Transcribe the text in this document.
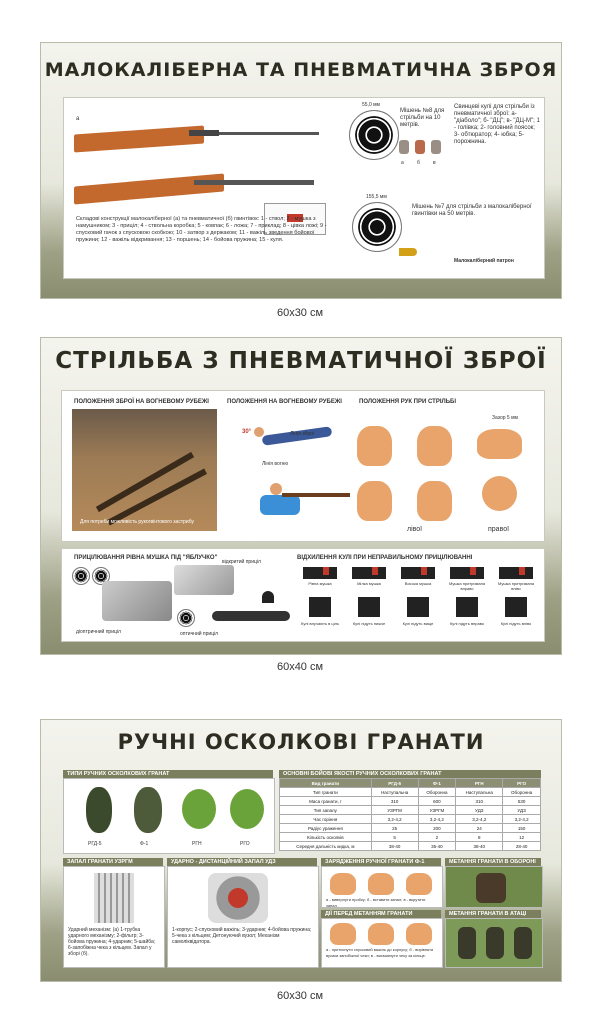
МАЛОКАЛІБЕРНА ТА ПНЕВМАТИЧНА ЗБРОЯ
а
55,0 мм
Мішень №8 для стрільби на 10 метрів.
а	б	в
Свинцеві кулі для стрільби із пневматичної зброї: а- "діаболо"; б- "ДЦ"; в- "ДЦ-М"; 1 - голівка; 2- головний поясок; 3- обтюратор; 4- юбка; 5- порожнина.
155,5 мм
Мішень №7 для стрільби з малокаліберної гвинтівки на 50 метрів.
Малокаліберний патрон
Складові конструкції малокаліберної (а) та пневматичної (б) гвинтівок: 1 - ствол; 2 - мушка з намушником; 3 - приціл; 4 - ствольна коробка; 5 - ковпак; 6 - ложа; 7 - приклад; 8 - цівка ложі; 9 - спусковий гачок з спусковою скобкою; 10 - затвор з держаком; 11 - важіль зведення бойової пружини; 12 - важіль відкривання; 13 - поршень; 14 - бойова пружина; 15 - куля.
60x30 см
СТРІЛЬБА З ПНЕВМАТИЧНОЇ ЗБРОЇ
ПОЛОЖЕННЯ ЗБРОЇ НА ВОГНЕВОМУ РУБЕЖІ	ПОЛОЖЕННЯ НА ВОГНЕВОМУ РУБЕЖІ	ПОЛОЖЕННЯ РУК ПРИ СТРІЛЬБІ
Для потреби можливість рукогвінтового застрибу
30°	Лінія зброї
Лінія вогню
Зазор 5 мм
лівої	правої
ПРИЦІЛЮВАННЯ РІВНА МУШКА ПІД "ЯБЛУЧКО"	ВІДХИЛЕННЯ КУЛІ ПРИ НЕПРАВИЛЬНОМУ ПРИЦІЛЮВАННІ
діоптричний приціл
відкритий приціл
оптичний приціл
Рівна мушка
Кулі влучають в ціль
Мілка мушка
Кулі підуть нижче
Висока мушка
Кулі підуть вище
Мушка притримана вправо
Кулі підуть вправо
Мушка притримана вліво
Кулі підуть вліво
60x40 см
РУЧНІ ОСКОЛКОВІ ГРАНАТИ
ТИПИ РУЧНИХ ОСКОЛКОВИХ ГРАНАТ
РГД-5	Ф-1	РГН	РГО
ОСНОВНІ БОЙОВІ ЯКОСТІ РУЧНИХ ОСКОЛКОВИХ ГРАНАТ
Вид гранати	РГД-5	Ф-1	РГН	РГО
Тип гранати	Наступальна	Оборонна	Наступальна	Оборонна
Маса гранати, г	310	600	310	530
Тип запалу	УЗРГМ	УЗРГМ	УДЗ	УДЗ
Час горіння	3,2-4,2	3,2-4,2	3,2-4,2	3,2-4,2
Радіус ураження	25	200	24	150
Кількість осколків	5	2	8	12
Середня дальність кидка, м	38-40	35-40	38-40	28-40
ЗАПАЛ ГРАНАТИ УЗРГМ
Ударний механізм: (а) 1-трубка ударного механізму; 2-фільтр; 3-бойова пружина; 4-ударник; 5-шайба; 6-запобіжна чека з кільцем. Запал у зборі (б).
УДАРНО - ДИСТАНЦІЙНИЙ ЗАПАЛ УДЗ
1-корпус; 2-спусковий важіль; 3-ударник; 4-бойова пружина; 5-чека з кільцем; Детонуючий вузол; Механізм самоліквідатора.
ЗАРЯДЖЕННЯ РУЧНОЇ ГРАНАТИ Ф-1
а - вивернути пробку; б - вставити запал; в - вкрутити запал.
МЕТАННЯ ГРАНАТИ В ОБОРОНІ
ДІЇ ПЕРЕД МЕТАННЯМ ГРАНАТИ
а - притиснути спусковий важіль до корпусу; б - вирівняти вусики запобіжної чеки; в - висмикнути чеку за кільце.
МЕТАННЯ ГРАНАТИ В АТАЦІ
60x30 см
